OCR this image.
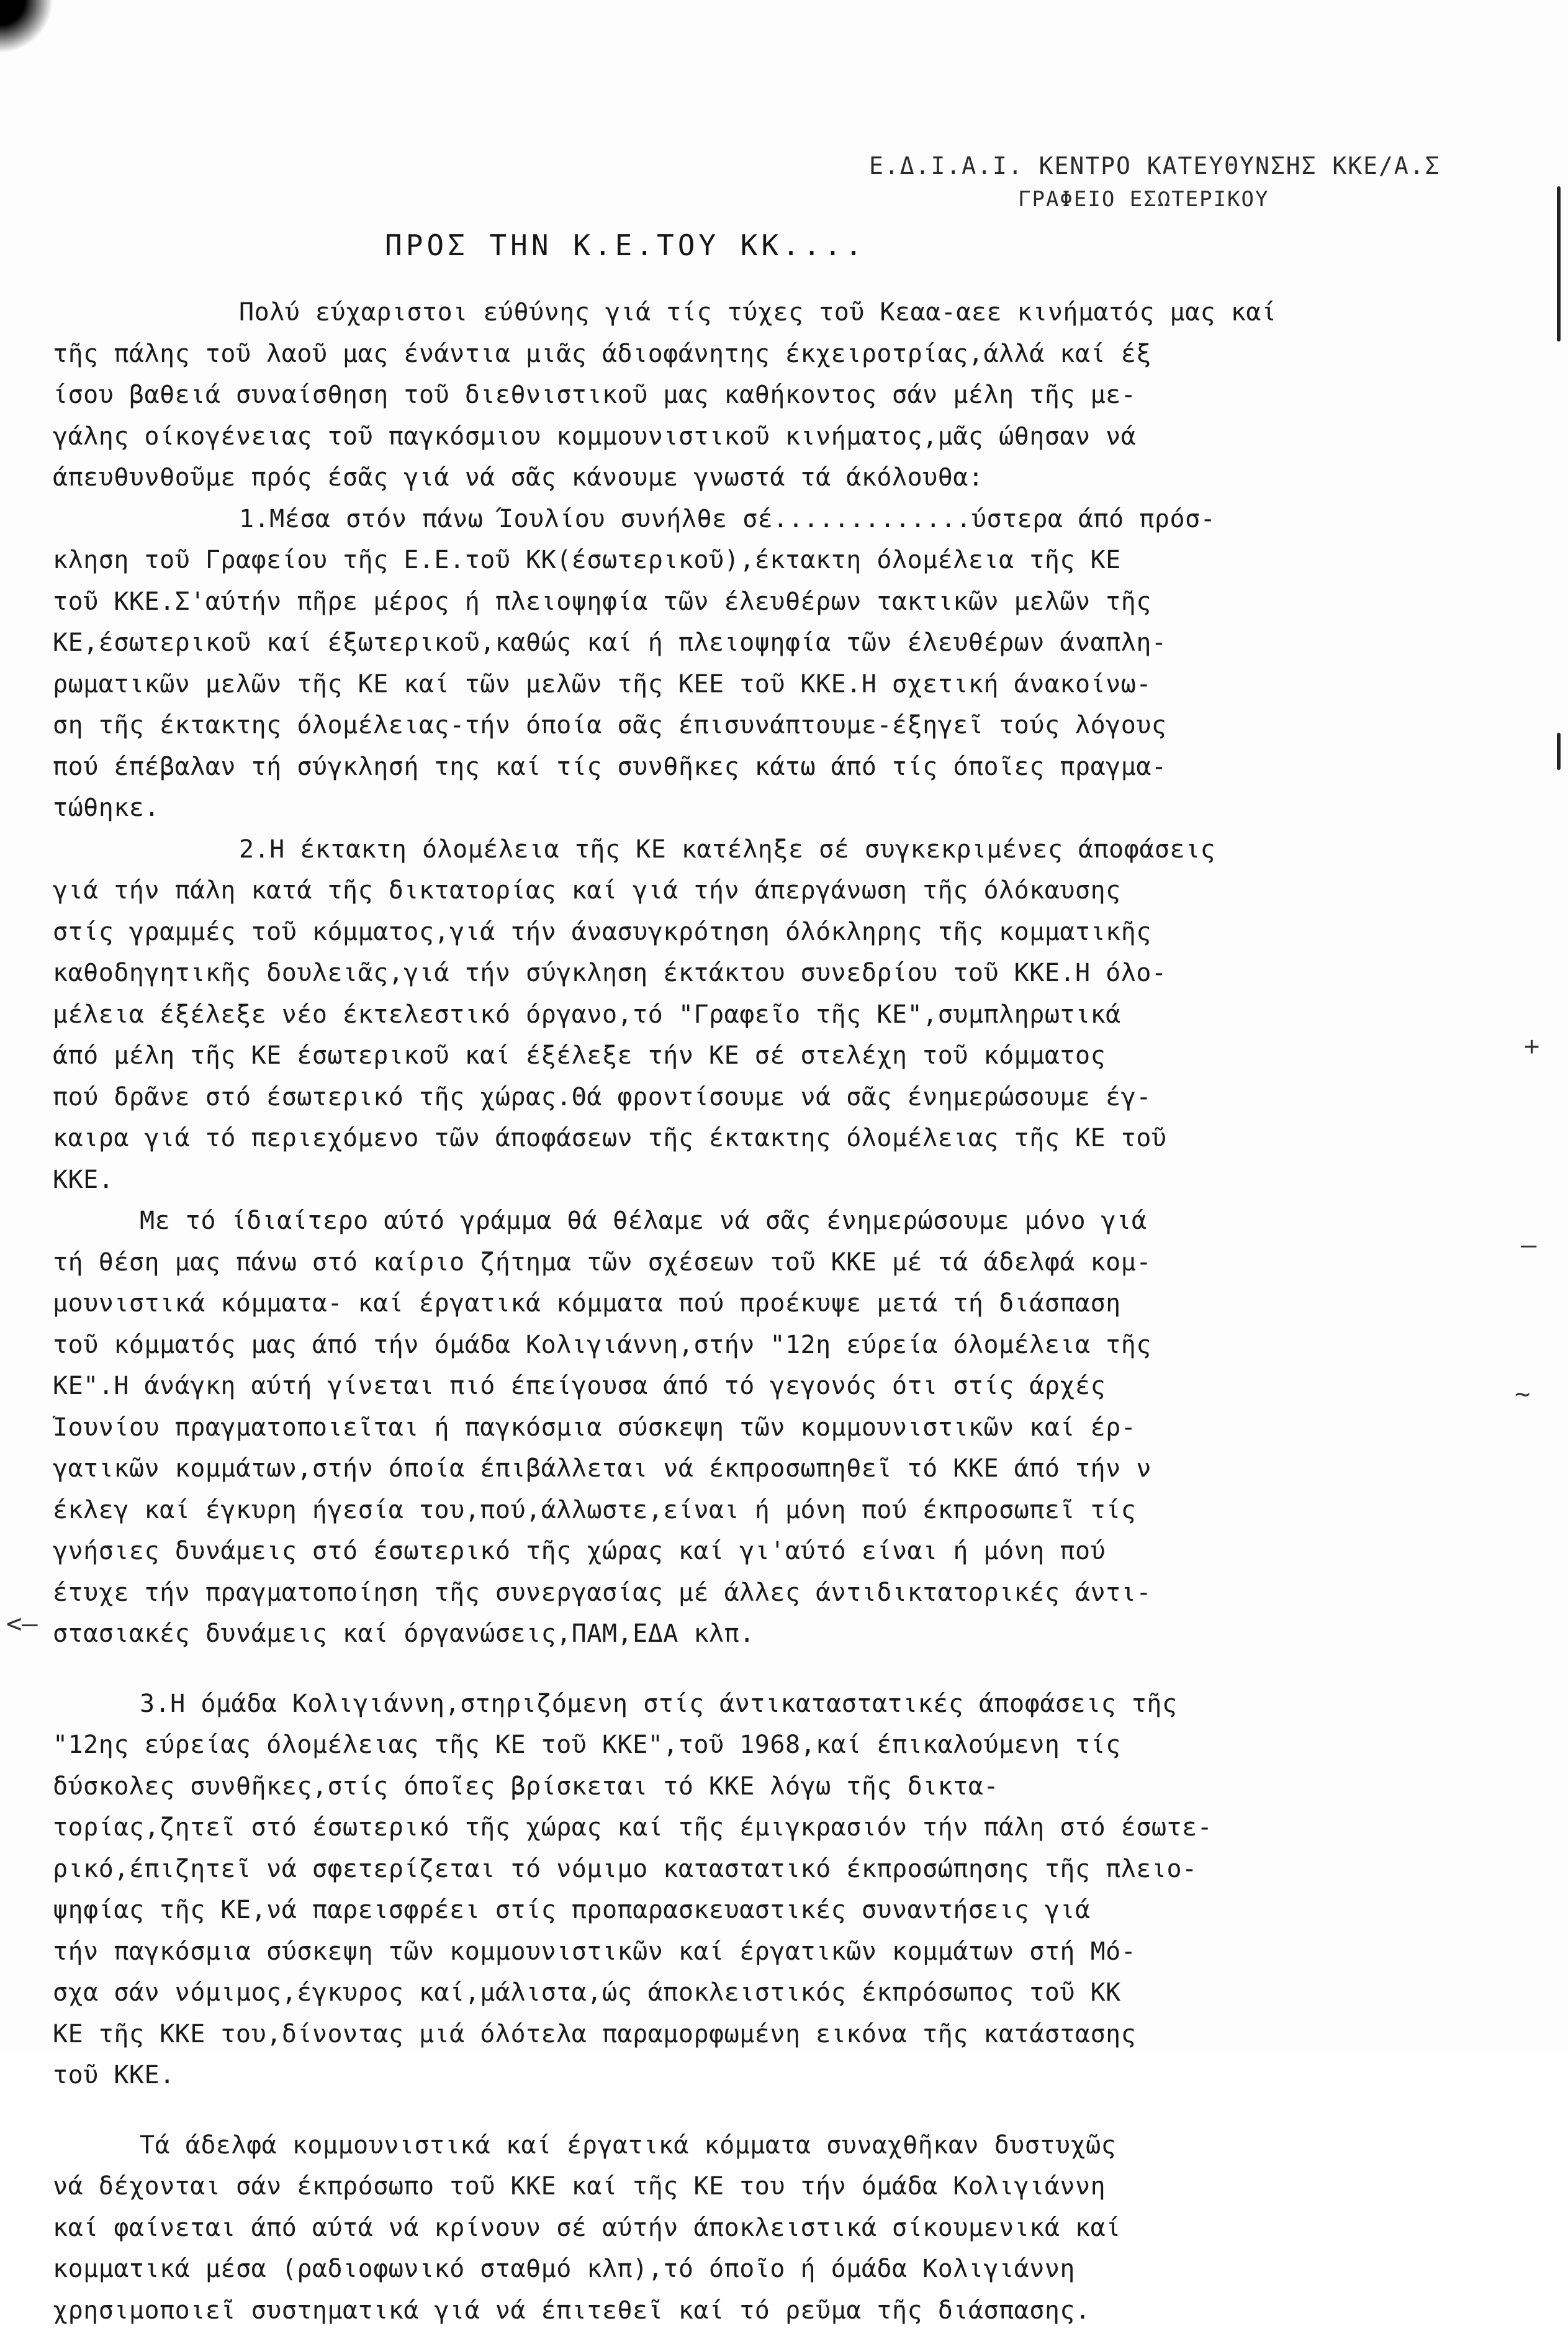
Ε.Δ.Ι.Α.Ι. ΚΕΝΤΡΟ ΚΑΤΕΥΘΥΝΣΗΣ ΚΚΕ/Α.Σ
ΓΡΑΦΕΙΟ ΕΣΩΤΕΡΙΚΟΥ
ΠΡΟΣ ΤΗΝ Κ.Ε.ΤΟΥ ΚΚ....
Πολύ εύχαριστοι εύθύνης γιά τίς τύχες τοῦ Κεαα-αεε κινήματός μας καί
τῆς πάλης τοῦ λαοῦ μας ένάντια μιᾶς άδιοφάνητης έκχειροτρίας,άλλά καί έξ
ίσου βαθειά συναίσθηση τοῦ διεθνιστικοῦ μας καθήκοντος σάν μέλη τῆς με-
γάλης οίκογένειας τοῦ παγκόσμιου κομμουνιστικοῦ κινήματος,μᾶς ώθησαν νά
άπευθυνθοῦμε πρός έσᾶς γιά νά σᾶς κάνουμε γνωστά τά άκόλουθα:
1.Μέσα στόν πάνω Ίουλίου συνήλθε σέ.............ύστερα άπό πρόσ-
κληση τοῦ Γραφείου τῆς Ε.Ε.τοῦ ΚΚ(έσωτερικοῦ),έκτακτη όλομέλεια τῆς ΚΕ
τοῦ ΚΚΕ.Σ'αύτήν πῆρε μέρος ή πλειοψηφία τῶν έλευθέρων τακτικῶν μελῶν τῆς
ΚΕ,έσωτερικοῦ καί έξωτερικοῦ,καθώς καί ή πλειοψηφία τῶν έλευθέρων άναπλη-
ρωματικῶν μελῶν τῆς ΚΕ καί τῶν μελῶν τῆς ΚΕΕ τοῦ ΚΚΕ.Η σχετική άνακοίνω-
ση τῆς έκτακτης όλομέλειας-τήν όποία σᾶς έπισυνάπτουμε-έξηγεῖ τούς λόγους
πού έπέβαλαν τή σύγκλησή της καί τίς συνθῆκες κάτω άπό τίς όποῖες πραγμα-
τώθηκε.
2.Η έκτακτη όλομέλεια τῆς ΚΕ κατέληξε σέ συγκεκριμένες άποφάσεις
γιά τήν πάλη κατά τῆς δικτατορίας καί γιά τήν άπεργάνωση τῆς όλόκαυσης
στίς γραμμές τοῦ κόμματος,γιά τήν άνασυγκρότηση όλόκληρης τῆς κομματικῆς
καθοδηγητικῆς δουλειᾶς,γιά τήν σύγκληση έκτάκτου συνεδρίου τοῦ ΚΚΕ.Η όλο-
μέλεια έξέλεξε νέο έκτελεστικό όργανο,τό "Γραφεῖο τῆς ΚΕ",συμπληρωτικά
άπό μέλη τῆς ΚΕ έσωτερικοῦ καί έξέλεξε τήν ΚΕ σέ στελέχη τοῦ κόμματος
πού δρᾶνε στό έσωτερικό τῆς χώρας.Θά φροντίσουμε νά σᾶς ένημερώσουμε έγ-
καιρα γιά τό περιεχόμενο τῶν άποφάσεων τῆς έκτακτης όλομέλειας τῆς ΚΕ τοῦ
ΚΚΕ.
Με τό ίδιαίτερο αύτό γράμμα θά θέλαμε νά σᾶς ένημερώσουμε μόνο γιά
τή θέση μας πάνω στό καίριο ζήτημα τῶν σχέσεων τοῦ ΚΚΕ μέ τά άδελφά κομ-
μουνιστικά κόμματα- καί έργατικά κόμματα πού προέκυψε μετά τή διάσπαση
τοῦ κόμματός μας άπό τήν όμάδα Κολιγιάννη,στήν "12η εύρεία όλομέλεια τῆς
ΚΕ".Η άνάγκη αύτή γίνεται πιό έπείγουσα άπό τό γεγονός ότι στίς άρχές
Ίουνίου πραγματοποιεῖται ή παγκόσμια σύσκεψη τῶν κομμουνιστικῶν καί έρ-
γατικῶν κομμάτων,στήν όποία έπιβάλλεται νά έκπροσωπηθεῖ τό ΚΚΕ άπό τήν ν
έκλεγ καί έγκυρη ήγεσία του,πού,άλλωστε,είναι ή μόνη πού έκπροσωπεῖ τίς
γνήσιες δυνάμεις στό έσωτερικό τῆς χώρας καί γι'αύτό είναι ή μόνη πού
έτυχε τήν πραγματοποίηση τῆς συνεργασίας μέ άλλες άντιδικτατορικές άντι-
στασιακές δυνάμεις καί όργανώσεις,ΠΑΜ,ΕΔΑ κλπ.
3.Η όμάδα Κολιγιάννη,στηριζόμενη στίς άντικαταστατικές άποφάσεις τῆς
"12ης εύρείας όλομέλειας τῆς ΚΕ τοῦ ΚΚΕ",τοῦ 1968,καί έπικαλούμενη τίς
δύσκολες συνθῆκες,στίς όποῖες βρίσκεται τό ΚΚΕ λόγω τῆς δικτα-
τορίας,ζητεῖ στό έσωτερικό τῆς χώρας καί τῆς έμιγκρασιόν τήν πάλη στό έσωτε-
ρικό,έπιζητεῖ νά σφετερίζεται τό νόμιμο καταστατικό έκπροσώπησης τῆς πλειο-
ψηφίας τῆς ΚΕ,νά παρεισφρέει στίς προπαρασκευαστικές συναντήσεις γιά
τήν παγκόσμια σύσκεψη τῶν κομμουνιστικῶν καί έργατικῶν κομμάτων στή Μό-
σχα σάν νόμιμος,έγκυρος καί,μάλιστα,ώς άποκλειστικός έκπρόσωπος τοῦ ΚΚ
ΚΕ τῆς ΚΚΕ του,δίνοντας μιά όλότελα παραμορφωμένη εικόνα τῆς κατάστασης
τοῦ ΚΚΕ.
Τά άδελφά κομμουνιστικά καί έργατικά κόμματα συναχθῆκαν δυστυχῶς
νά δέχονται σάν έκπρόσωπο τοῦ ΚΚΕ καί τῆς ΚΕ του τήν όμάδα Κολιγιάννη
καί φαίνεται άπό αύτά νά κρίνουν σέ αύτήν άποκλειστικά σίκουμενικά καί
κομματικά μέσα (ραδιοφωνικό σταθμό κλπ),τό όποῖο ή όμάδα Κολιγιάννη
χρησιμοποιεῖ συστηματικά γιά νά έπιτεθεῖ καί τό ρεῦμα τῆς διάσπασης.
+
—
~
<—
